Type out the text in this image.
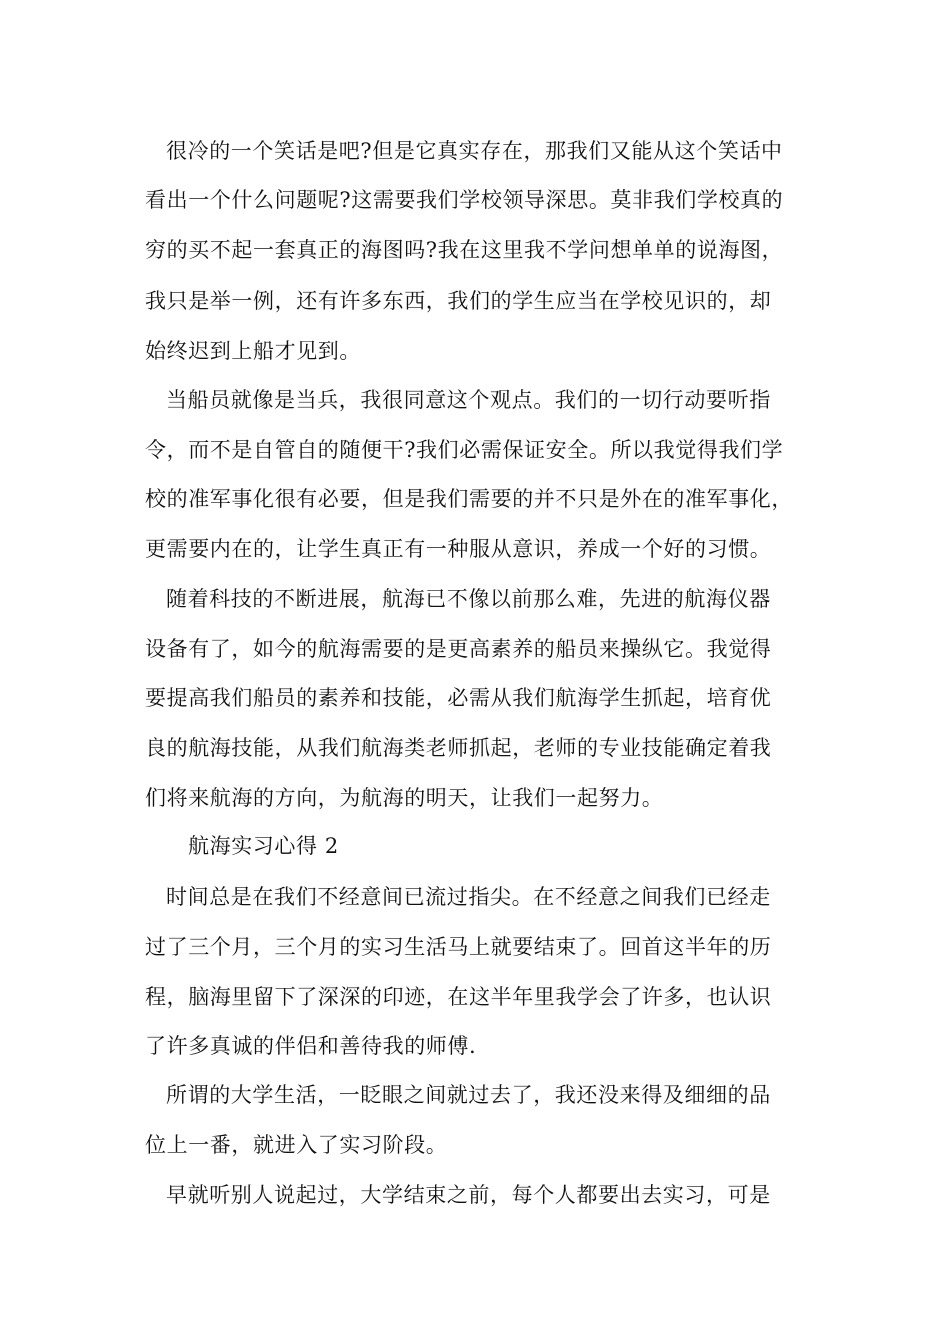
很冷的一个笑话是吧?但是它真实存在，那我们又能从这个笑话中

看出一个什么问题呢?这需要我们学校领导深思。莫非我们学校真的

穷的买不起一套真正的海图吗?我在这里我不学问想单单的说海图，

我只是举一例，还有许多东西，我们的学生应当在学校见识的，却

始终迟到上船才见到。

当船员就像是当兵，我很同意这个观点。我们的一切行动要听指

令，而不是自管自的随便干?我们必需保证安全。所以我觉得我们学

校的准军事化很有必要，但是我们需要的并不只是外在的准军事化，

更需要内在的，让学生真正有一种服从意识，养成一个好的习惯。

随着科技的不断进展，航海已不像以前那么难，先进的航海仪器

设备有了，如今的航海需要的是更高素养的船员来操纵它。我觉得

要提高我们船员的素养和技能，必需从我们航海学生抓起，培育优

良的航海技能，从我们航海类老师抓起，老师的专业技能确定着我

们将来航海的方向，为航海的明天，让我们一起努力。

航海实习心得 2

时间总是在我们不经意间已流过指尖。在不经意之间我们已经走

过了三个月，三个月的实习生活马上就要结束了。回首这半年的历

程，脑海里留下了深深的印迹，在这半年里我学会了许多，也认识

了许多真诚的伴侣和善待我的师傅.

所谓的大学生活，一眨眼之间就过去了，我还没来得及细细的品

位上一番，就进入了实习阶段。

早就听别人说起过，大学结束之前，每个人都要出去实习，可是
